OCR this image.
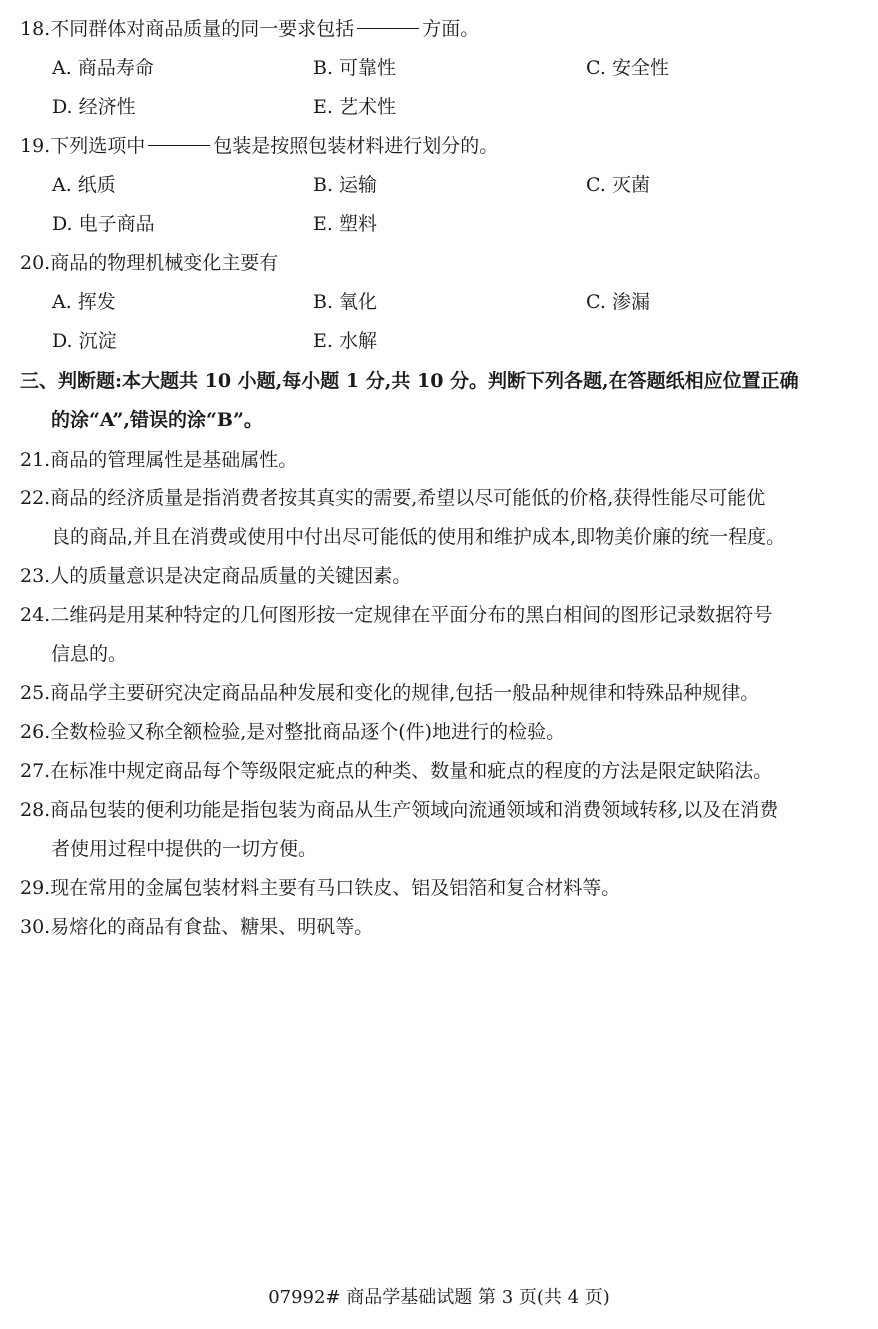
18.不同群体对商品质量的同一要求包括	方面。
A. 商品寿命	B. 可靠性	C. 安全性
D. 经济性	E. 艺术性
19.下列选项中	包装是按照包装材料进行划分的。
A. 纸质	B. 运输	C. 灭菌
D. 电子商品	E. 塑料
20.商品的物理机械变化主要有
A. 挥发	B. 氧化	C. 渗漏
D. 沉淀	E. 水解
三、判断题:本大题共 10 小题,每小题 1 分,共 10 分。判断下列各题,在答题纸相应位置正确
的涂“A”,错误的涂“B”。
21.商品的管理属性是基础属性。
22.商品的经济质量是指消费者按其真实的需要,希望以尽可能低的价格,获得性能尽可能优
良的商品,并且在消费或使用中付出尽可能低的使用和维护成本,即物美价廉的统一程度。
23.人的质量意识是决定商品质量的关键因素。
24.二维码是用某种特定的几何图形按一定规律在平面分布的黑白相间的图形记录数据符号
信息的。
25.商品学主要研究决定商品品种发展和变化的规律,包括一般品种规律和特殊品种规律。
26.全数检验又称全额检验,是对整批商品逐个(件)地进行的检验。
27.在标准中规定商品每个等级限定疵点的种类、数量和疵点的程度的方法是限定缺陷法。
28.商品包装的便利功能是指包装为商品从生产领域向流通领域和消费领域转移,以及在消费
者使用过程中提供的一切方便。
29.现在常用的金属包装材料主要有马口铁皮、铝及铝箔和复合材料等。
30.易熔化的商品有食盐、糖果、明矾等。
07992# 商品学基础试题 第 3 页(共 4 页)
